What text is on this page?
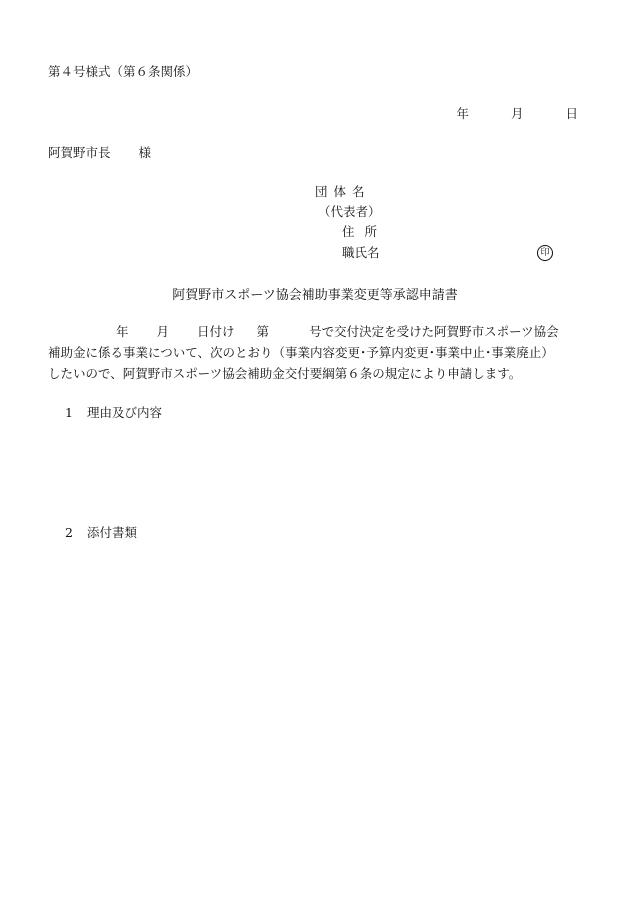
第４号様式（第６条関係）
年	月	日
阿賀野市長 様
団体名
（代表者）
住所
職氏名	印
阿賀野市スポーツ協会補助事業変更等承認申請書
年 月 日付け 第	号で交付決定を受けた阿賀野市スポーツ協会
補助金に係る事業について、次のとおり（事業内容変更･予算内変更･事業中止･事業廃止）
したいので、阿賀野市スポーツ協会補助金交付要綱第６条の規定により申請します。
1	理由及び内容
2	添付書類
